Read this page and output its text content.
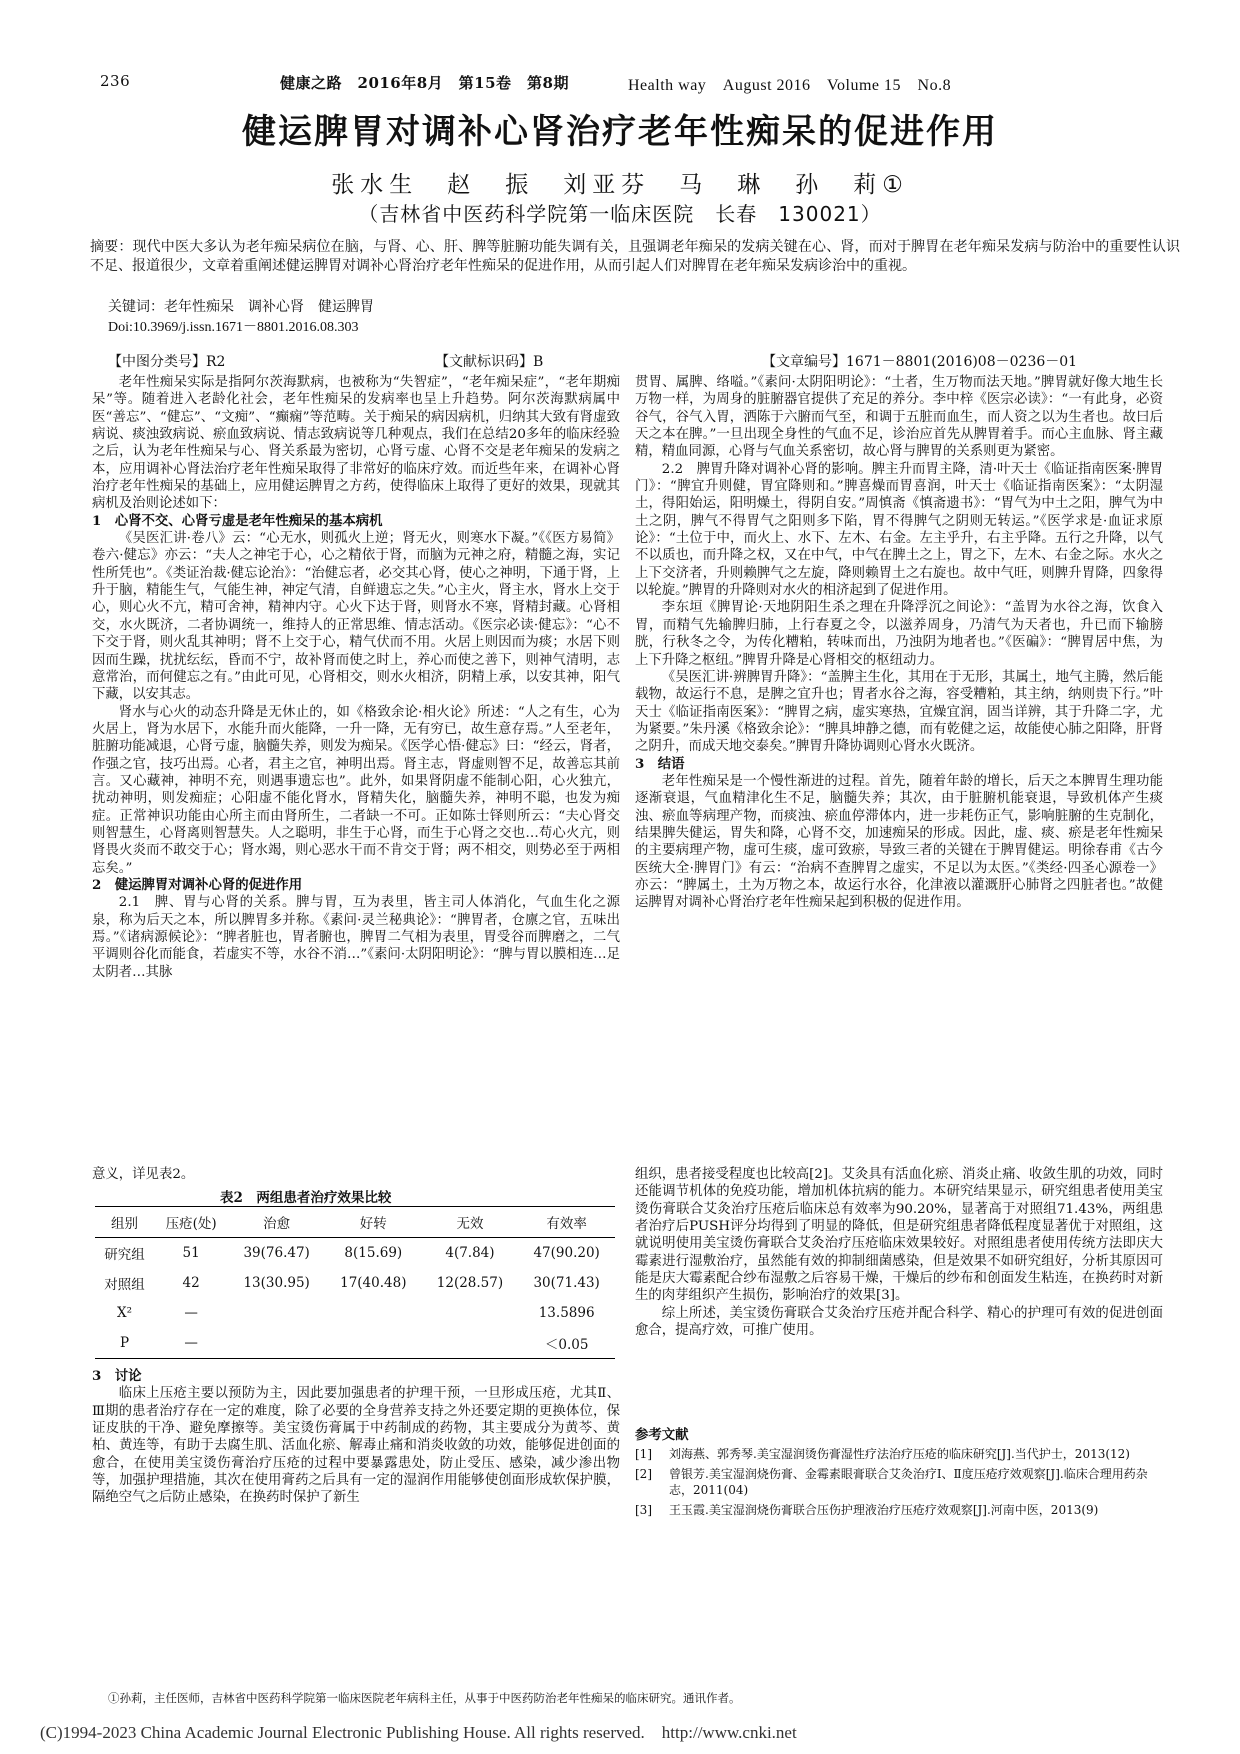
236	健康之路　2016年8月　第15卷　第8期	Health way　August 2016　Volume 15　No.8
健运脾胃对调补心肾治疗老年性痴呆的促进作用
张水生　赵　振　刘亚芬　马　琳　孙　莉①
（吉林省中医药科学院第一临床医院　长春　130021）
摘要：现代中医大多认为老年痴呆病位在脑，与肾、心、肝、脾等脏腑功能失调有关，且强调老年痴呆的发病关键在心、肾，而对于脾胃在老年痴呆发病与防治中的重要性认识不足、报道很少，文章着重阐述健运脾胃对调补心肾治疗老年性痴呆的促进作用，从而引起人们对脾胃在老年痴呆发病诊治中的重视。
关键词：老年性痴呆　调补心肾　健运脾胃
Doi:10.3969/j.issn.1671－8801.2016.08.303
【中图分类号】R2	【文献标识码】B	【文章编号】1671－8801(2016)08－0236－01

老年性痴呆实际是指阿尔茨海默病，也被称为“失智症”，“老年痴呆症”，“老年期痴呆”等。随着进入老龄化社会，老年性痴呆的发病率也呈上升趋势。阿尔茨海默病属中医“善忘”、“健忘”、“文痴”、“癫痫”等范畴。关于痴呆的病因病机，归纳其大致有肾虚致病说、痰浊致病说、瘀血致病说、情志致病说等几种观点，我们在总结20多年的临床经验之后，认为老年性痴呆与心、肾关系最为密切，心肾亏虚、心肾不交是老年痴呆的发病之本，应用调补心肾法治疗老年性痴呆取得了非常好的临床疗效。而近些年来，在调补心肾治疗老年性痴呆的基础上，应用健运脾胃之方药，使得临床上取得了更好的效果，现就其病机及治则论述如下：

1　心肾不交、心肾亏虚是老年性痴呆的基本病机

《吴医汇讲·卷八》云：“心无水，则孤火上逆；肾无火，则寒水下凝。”《《医方易简》卷六·健忘》亦云：“夫人之神宅于心，心之精依于肾，而脑为元神之府，精髓之海，实记性所凭也”。《类证治裁·健忘论治》：“治健忘者，必交其心肾，使心之神明，下通于肾，上升于脑，精能生气，气能生神，神定气清，自鲜遗忘之失。”心主火，肾主水，肾水上交于心，则心火不亢，精可舍神，精神内守。心火下达于肾，则肾水不寒，肾精封藏。心肾相交，水火既济，二者协调统一，维持人的正常思维、情志活动。《医宗必读·健忘》：“心不下交于肾，则火乱其神明；肾不上交于心，精气伏而不用。火居上则因而为痰；水居下则因而生躁，扰扰纭纭，昏而不宁，故补肾而使之时上，养心而使之善下，则神气清明，志意常治，而何健忘之有。”由此可见，心肾相交，则水火相济，阴精上承，以安其神，阳气下藏，以安其志。

肾水与心火的动态升降是无休止的，如《格致余论·相火论》所述：“人之有生，心为火居上，肾为水居下，水能升而火能降，一升一降，无有穷已，故生意存焉。”人至老年，脏腑功能减退，心肾亏虚，脑髓失养，则发为痴呆。《医学心悟·健忘》曰：“经云，肾者，作强之官，技巧出焉。心者，君主之官，神明出焉。肾主志，肾虚则智不足，故善忘其前言。又心藏神，神明不充，则遇事遗忘也”。此外，如果肾阴虚不能制心阳，心火独亢，扰动神明，则发痴症；心阳虚不能化肾水，肾精失化，脑髓失养，神明不聪，也发为痴症。正常神识功能由心所主而由肾所生，二者缺一不可。正如陈士铎则所云：“夫心肾交则智慧生，心肾离则智慧失。人之聪明，非生于心肾，而生于心肾之交也…苟心火亢，则肾畏火炎而不敢交于心；肾水竭，则心恶水干而不肯交于肾；两不相交，则势必至于两相忘矣。”

2　健运脾胃对调补心肾的促进作用

2.1　脾、胃与心肾的关系。脾与胃，互为表里，皆主司人体消化，气血生化之源泉，称为后天之本，所以脾胃多并称。《素问·灵兰秘典论》：“脾胃者，仓廪之官，五味出焉。”《诸病源候论》：“脾者脏也，胃者腑也，脾胃二气相为表里，胃受谷而脾磨之，二气平调则谷化而能食，若虚实不等，水谷不消…”《素问·太阴阳明论》：“脾与胃以膜相连…足太阴者…其脉

贯胃、属脾、络嗌。”《素问·太阴阳明论》：“土者，生万物而法天地。”脾胃就好像大地生长万物一样，为周身的脏腑器官提供了充足的养分。李中梓《医宗必读》：“一有此身，必资谷气，谷气入胃，洒陈于六腑而气至，和调于五脏而血生，而人资之以为生者也。故曰后天之本在脾。”一旦出现全身性的气血不足，诊治应首先从脾胃着手。而心主血脉、肾主藏精，精血同源，心肾与气血关系密切，故心肾与脾胃的关系则更为紧密。

2.2　脾胃升降对调补心肾的影响。脾主升而胃主降，清·叶天士《临证指南医案·脾胃门》：“脾宜升则健，胃宜降则和。”脾喜燥而胃喜润，叶天士《临证指南医案》：“太阴湿土，得阳始运，阳明燥土，得阴自安。”周慎斋《慎斋遗书》：“胃气为中土之阳，脾气为中土之阴，脾气不得胃气之阳则多下陷，胃不得脾气之阴则无转运。”《医学求是·血证求原论》：“土位于中，而火上、水下、左木、右金。左主乎升，右主乎降。五行之升降，以气不以质也，而升降之权，又在中气，中气在脾土之上，胃之下，左木、右金之际。水火之上下交济者，升则赖脾气之左旋，降则赖胃土之右旋也。故中气旺，则脾升胃降，四象得以轮旋。”脾胃的升降则对水火的相济起到了促进作用。

李东垣《脾胃论·天地阴阳生杀之理在升降浮沉之间论》：“盖胃为水谷之海，饮食入胃，而精气先输脾归肺，上行春夏之令，以滋养周身，乃清气为天者也，升已而下输膀胱，行秋冬之令，为传化糟粕，转味而出，乃浊阴为地者也。”《医碥》：“脾胃居中焦，为上下升降之枢纽。”脾胃升降是心肾相交的枢纽动力。

《吴医汇讲·辨脾胃升降》：“盖脾主生化，其用在于无形，其属土，地气主腾，然后能载物，故运行不息，是脾之宜升也；胃者水谷之海，容受糟粕，其主纳，纳则贵下行。”叶天士《临证指南医案》：“脾胃之病，虚实寒热，宜燥宜润，固当详辨，其于升降二字，尤为紧要。”朱丹溪《格致余论》：“脾具坤静之德，而有乾健之运，故能使心肺之阳降，肝肾之阴升，而成天地交泰矣。”脾胃升降协调则心肾水火既济。

3　结语

老年性痴呆是一个慢性渐进的过程。首先，随着年龄的增长，后天之本脾胃生理功能逐渐衰退，气血精津化生不足，脑髓失养；其次，由于脏腑机能衰退，导致机体产生痰浊、瘀血等病理产物，而痰浊、瘀血停滞体内，进一步耗伤正气，影响脏腑的生克制化，结果脾失健运，胃失和降，心肾不交，加速痴呆的形成。因此，虚、痰、瘀是老年性痴呆的主要病理产物，虚可生痰，虚可致瘀，导致三者的关键在于脾胃健运。明徐春甫《古今医统大全·脾胃门》有云：“治病不查脾胃之虚实，不足以为太医。”《类经·四圣心源卷一》亦云：“脾属土，土为万物之本，故运行水谷，化津液以灌溉肝心肺肾之四脏者也。”故健运脾胃对调补心肾治疗老年性痴呆起到积极的促进作用。

意义，详见表2。

表2　两组患者治疗效果比较
组别	压疮(处)	治愈	好转	无效	有效率
研究组	51	39(76.47)	8(15.69)	4(7.84)	47(90.20)
对照组	42	13(30.95)	17(40.48)	12(28.57)	30(71.43)
X²	—				13.5896
P	—				＜0.05

3　讨论

临床上压疮主要以预防为主，因此要加强患者的护理干预，一旦形成压疮，尤其Ⅱ、Ⅲ期的患者治疗存在一定的难度，除了必要的全身营养支持之外还要定期的更换体位，保证皮肤的干净、避免摩擦等。美宝烫伤膏属于中药制成的药物，其主要成分为黄芩、黄柏、黄连等，有助于去腐生肌、活血化瘀、解毒止痛和消炎收敛的功效，能够促进创面的愈合，在使用美宝烫伤膏治疗压疮的过程中要暴露患处，防止受压、感染，减少渗出物等，加强护理措施，其次在使用膏药之后具有一定的湿润作用能够使创面形成软保护膜，隔绝空气之后防止感染，在换药时保护了新生

组织，患者接受程度也比较高[2]。艾灸具有活血化瘀、消炎止痛、收敛生肌的功效，同时还能调节机体的免疫功能，增加机体抗病的能力。本研究结果显示，研究组患者使用美宝烫伤膏联合艾灸治疗压疮后临床总有效率为90.20%，显著高于对照组71.43%，两组患者治疗后PUSH评分均得到了明显的降低，但是研究组患者降低程度显著优于对照组，这就说明使用美宝烫伤膏联合艾灸治疗压疮临床效果较好。对照组患者使用传统方法即庆大霉素进行湿敷治疗，虽然能有效的抑制细菌感染，但是效果不如研究组好，分析其原因可能是庆大霉素配合纱布湿敷之后容易干燥，干燥后的纱布和创面发生粘连，在换药时对新生的肉芽组织产生损伤，影响治疗的效果[3]。

综上所述，美宝烫伤膏联合艾灸治疗压疮并配合科学、精心的护理可有效的促进创面愈合，提高疗效，可推广使用。

参考文献
[1] 刘海燕、郭秀琴.美宝湿润烫伤膏湿性疗法治疗压疮的临床研究[J].当代护士，2013(12)
[2] 曾银芳.美宝湿润烧伤膏、金霉素眼膏联合艾灸治疗Ⅰ、Ⅱ度压疮疗效观察[J].临床合理用药杂志，2011(04)
[3] 王玉霞.美宝湿润烧伤膏联合压伤护理液治疗压疮疗效观察[J].河南中医，2013(9)
①孙莉，主任医师，吉林省中医药科学院第一临床医院老年病科主任，从事于中医药防治老年性痴呆的临床研究。通讯作者。
(C)1994-2023 China Academic Journal Electronic Publishing House. All rights reserved.　http://www.cnki.net
